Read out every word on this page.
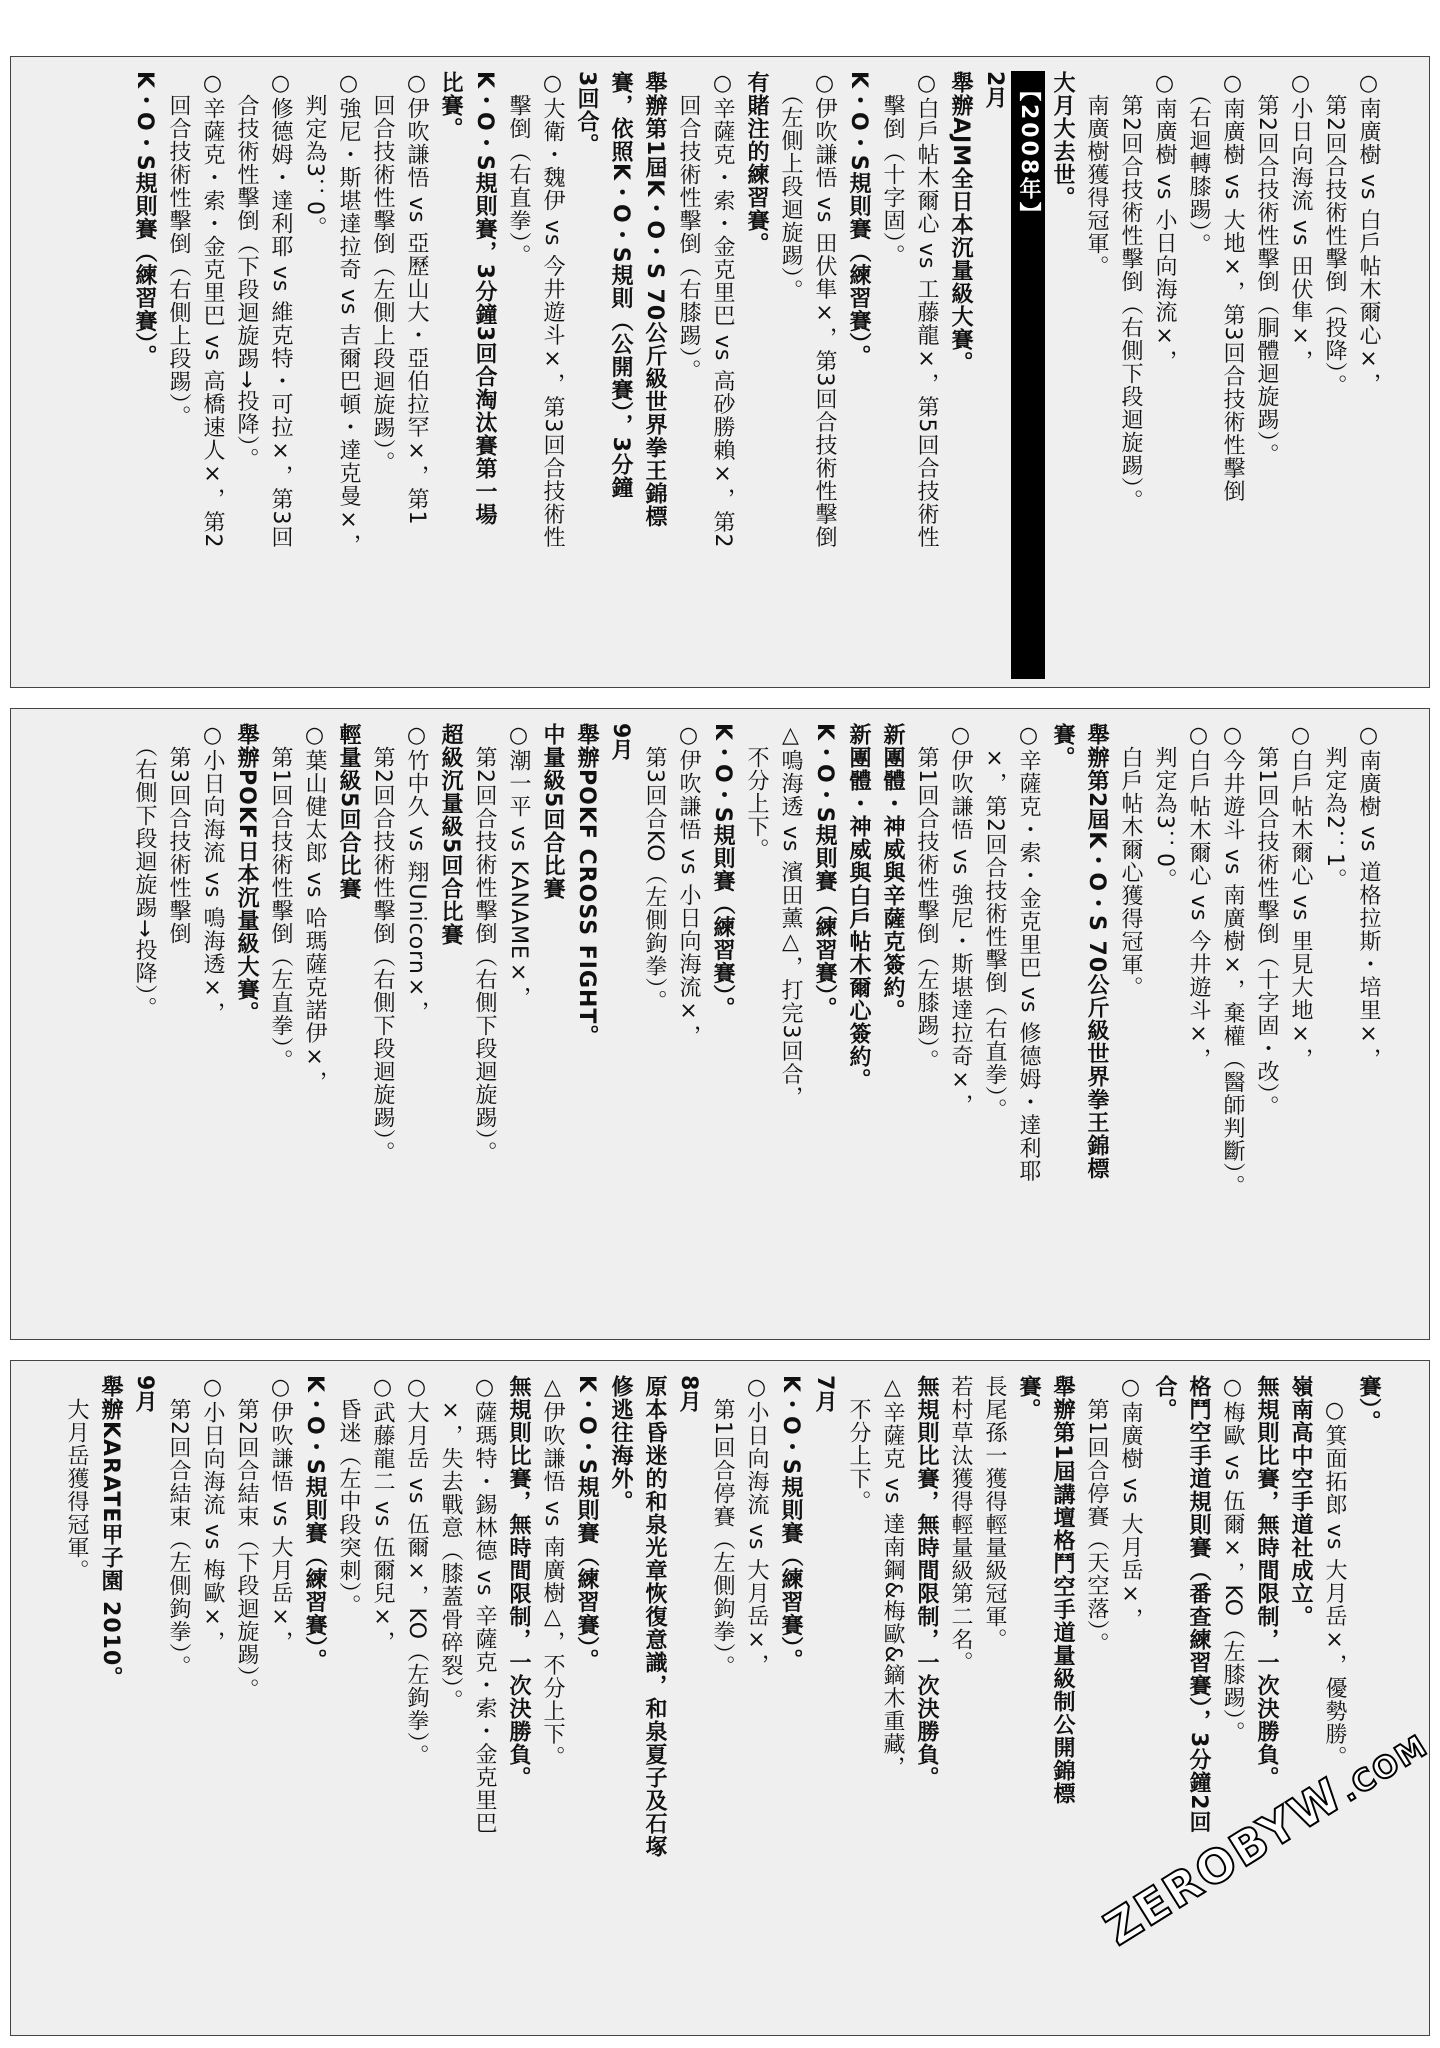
○南廣樹 vs 白戶帖木爾心×，
　第2回合技術性擊倒（投降）。
○小日向海流 vs 田伏隼×，
　第2回合技術性擊倒（胴體迴旋踢）。
○南廣樹 vs 大地×，第3回合技術性擊倒
　（右迴轉膝踢）。
○南廣樹 vs 小日向海流×，
　第2回合技術性擊倒（右側下段迴旋踢）。
　南廣樹獲得冠軍。
大月大去世。
【2008年】
2月
舉辦AJM全日本沉量級大賽。
○白戶帖木爾心 vs 工藤龍×，第5回合技術性
　擊倒（十字固）。
K・O・S規則賽（練習賽）。
○伊吹謙悟 vs 田伏隼×，第3回合技術性擊倒
　（左側上段迴旋踢）。
有賭注的練習賽。
○辛薩克・索・金克里巴 vs 高砂勝賴×，第2
　回合技術性擊倒（右膝踢）。
舉辦第1屆K・O・S 70公斤級世界拳王錦標
賽，依照K・O・S規則（公開賽），3分鐘
3回合。
○大衛・魏伊 vs 今井遊斗×，第3回合技術性
　擊倒（右直拳）。
K・O・S規則賽，3分鐘3回合淘汰賽第一場
比賽。
○伊吹謙悟 vs 亞歷山大・亞伯拉罕×，第1
　回合技術性擊倒（左側上段迴旋踢）。
○強尼・斯堪達拉奇 vs 吉爾巴頓・達克曼×，
　判定為3：0。
○修德姆・達利耶 vs 維克特・可拉×，第3回
　合技術性擊倒（下段迴旋踢→投降）。
○辛薩克・索・金克里巴 vs 高橋速人×，第2
　回合技術性擊倒（右側上段踢）。
K・O・S規則賽（練習賽）。
○南廣樹 vs 道格拉斯・培里×，
　判定為2：1。
○白戶帖木爾心 vs 里見大地×，
　第1回合技術性擊倒（十字固・改）。
○今井遊斗 vs 南廣樹×，棄權（醫師判斷）。
○白戶帖木爾心 vs 今井遊斗×，
　判定為3：0。
　白戶帖木爾心獲得冠軍。
舉辦第2屆K・O・S 70公斤級世界拳王錦標
賽。
○辛薩克・索・金克里巴 vs 修德姆・達利耶
　×，第2回合技術性擊倒（右直拳）。
○伊吹謙悟 vs 強尼・斯堪達拉奇×，
　第1回合技術性擊倒（左膝踢）。
新團體・神威與辛薩克簽約。
新團體・神威與白戶帖木爾心簽約。
K・O・S規則賽（練習賽）。
△鳴海透 vs 濱田薰△，打完3回合，
　不分上下。
K・O・S規則賽（練習賽）。
○伊吹謙悟 vs 小日向海流×，
　第3回合KO（左側鉤拳）。
9月
舉辦POKF CROSS FIGHT。
中量級5回合比賽
○潮一平 vs KANAME×，
　第2回合技術性擊倒（右側下段迴旋踢）。
超級沉量級5回合比賽
○竹中久 vs 翔Unicorn×，
　第2回合技術性擊倒（右側下段迴旋踢）。
輕量級5回合比賽
○葉山健太郎 vs 哈瑪薩克諾伊×，
　第1回合技術性擊倒（左直拳）。
舉辦POKF日本沉量級大賽。
○小日向海流 vs 鳴海透×，
　第3回合技術性擊倒
　（右側下段迴旋踢→投降）。
賽）。
　○箕面拓郎 vs 大月岳×，優勢勝。
嶺南高中空手道社成立。
無規則比賽，無時間限制，一次決勝負。
○梅歐 vs 伍爾×，KO（左膝踢）。
格鬥空手道規則賽（番查練習賽），3分鐘2回
合。
○南廣樹 vs 大月岳×，
　第1回合停賽（天空落）。
舉辦第1屆講壇格鬥空手道量級制公開錦標
賽。
長尾孫一獲得輕量級冠軍。
若村草汰獲得輕量級第二名。
無規則比賽，無時間限制，一次決勝負。
△辛薩克 vs 達南鋼&梅歐&鏑木重藏，
　不分上下。
7月
K・O・S規則賽（練習賽）。
○小日向海流 vs 大月岳×，
　第1回合停賽（左側鉤拳）。
8月
原本昏迷的和泉光章恢復意識，和泉夏子及石塚
修逃往海外。
K・O・S規則賽（練習賽）。
△伊吹謙悟 vs 南廣樹△，不分上下。
無規則比賽，無時間限制，一次決勝負。
○薩瑪特・錫林德 vs 辛薩克・索・金克里巴
　×，失去戰意（膝蓋骨碎裂）。
○大月岳 vs 伍爾×，KO（左鉤拳）。
○武藤龍二 vs 伍爾兒×，
　昏迷（左中段突刺）。
K・O・S規則賽（練習賽）。
○伊吹謙悟 vs 大月岳×，
　第2回合結束（下段迴旋踢）。
○小日向海流 vs 梅歐×，
　第2回合結束（左側鉤拳）。
9月
舉辦KARATE甲子園 2010。
　大月岳獲得冠軍。
ZEROBYW.COM
